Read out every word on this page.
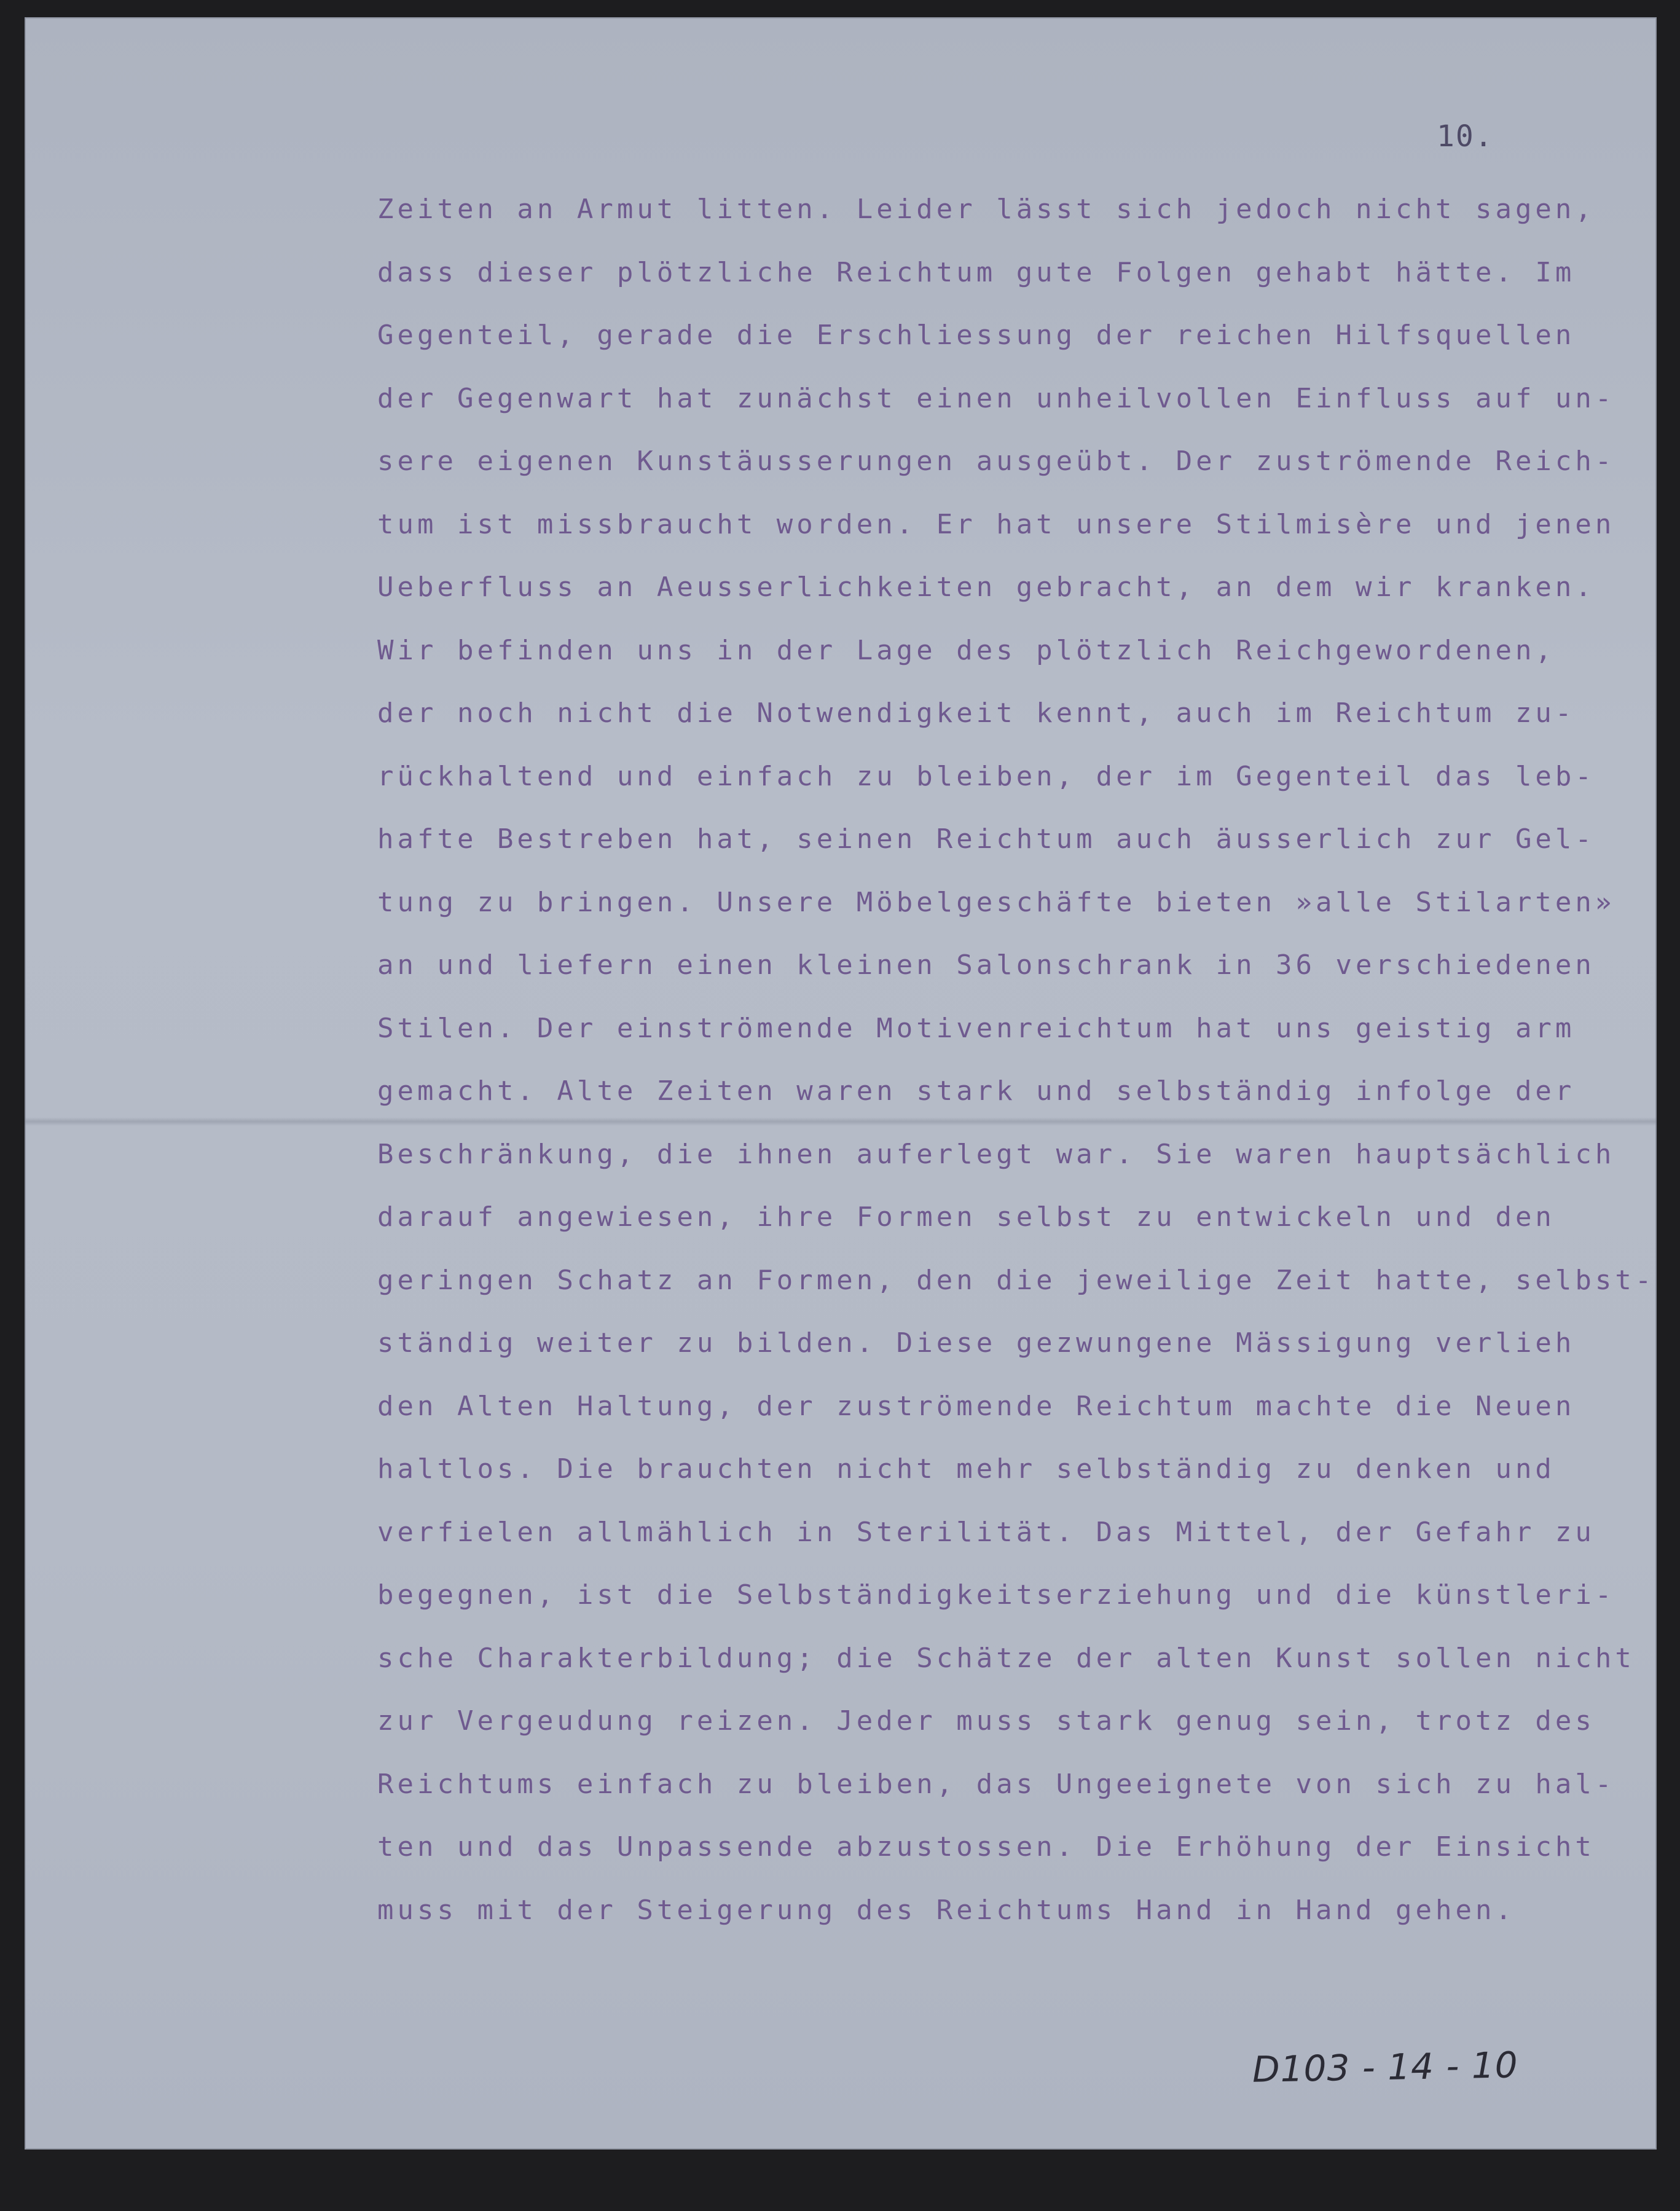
10.
Zeiten an Armut litten. Leider lässt sich jedoch nicht sagen,
dass dieser plötzliche Reichtum gute Folgen gehabt hätte. Im
Gegenteil, gerade die Erschliessung der reichen Hilfsquellen
der Gegenwart hat zunächst einen unheilvollen Einfluss auf un-
sere eigenen Kunstäusserungen ausgeübt. Der zuströmende Reich-
tum ist missbraucht worden. Er hat unsere Stilmisère und jenen
Ueberfluss an Aeusserlichkeiten gebracht, an dem wir kranken.
Wir befinden uns in der Lage des plötzlich Reichgewordenen,
der noch nicht die Notwendigkeit kennt, auch im Reichtum zu-
rückhaltend und einfach zu bleiben, der im Gegenteil das leb-
hafte Bestreben hat, seinen Reichtum auch äusserlich zur Gel-
tung zu bringen. Unsere Möbelgeschäfte bieten »alle Stilarten»
an und liefern einen kleinen Salonschrank in 36 verschiedenen
Stilen. Der einströmende Motivenreichtum hat uns geistig arm
gemacht. Alte Zeiten waren stark und selbständig infolge der
Beschränkung, die ihnen auferlegt war. Sie waren hauptsächlich
darauf angewiesen, ihre Formen selbst zu entwickeln und den
geringen Schatz an Formen, den die jeweilige Zeit hatte, selbst-
ständig weiter zu bilden. Diese gezwungene Mässigung verlieh
den Alten Haltung, der zuströmende Reichtum machte die Neuen
haltlos. Die brauchten nicht mehr selbständig zu denken und
verfielen allmählich in Sterilität. Das Mittel, der Gefahr zu
begegnen, ist die Selbständigkeitserziehung und die künstleri-
sche Charakterbildung; die Schätze der alten Kunst sollen nicht
zur Vergeudung reizen. Jeder muss stark genug sein, trotz des
Reichtums einfach zu bleiben, das Ungeeignete von sich zu hal-
ten und das Unpassende abzustossen. Die Erhöhung der Einsicht
muss mit der Steigerung des Reichtums Hand in Hand gehen.
D103 - 14 - 10
